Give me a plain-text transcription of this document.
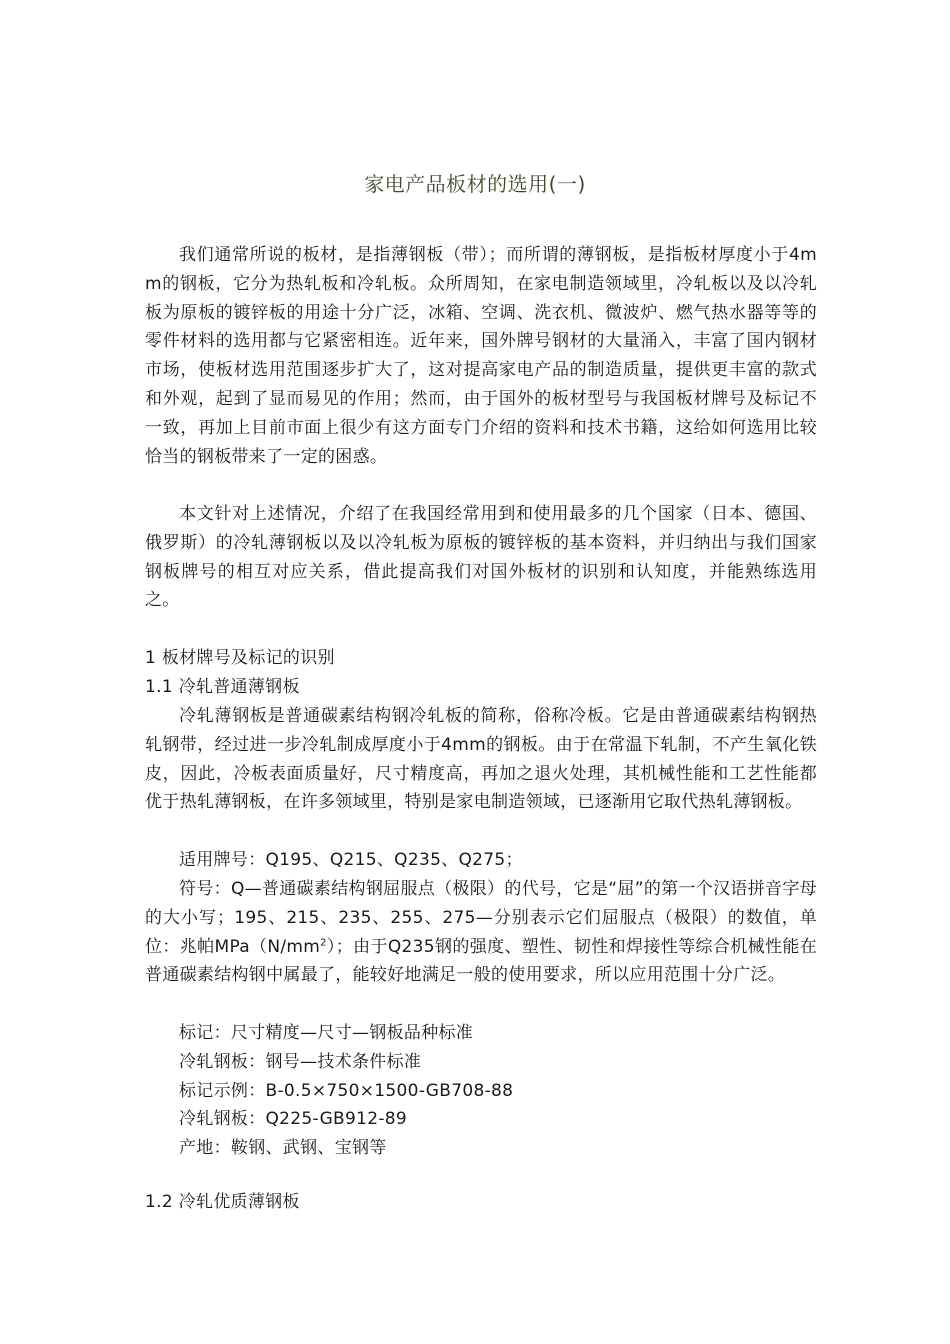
家电产品板材的选用(一)
我们通常所说的板材，是指薄钢板（带）；而所谓的薄钢板，是指板材厚度小于4mm的钢板，它分为热轧板和冷轧板。众所周知，在家电制造领域里，冷轧板以及以冷轧板为原板的镀锌板的用途十分广泛，冰箱、空调、洗衣机、微波炉、燃气热水器等等的零件材料的选用都与它紧密相连。近年来，国外牌号钢材的大量涌入，丰富了国内钢材市场，使板材选用范围逐步扩大了，这对提高家电产品的制造质量，提供更丰富的款式和外观，起到了显而易见的作用；然而，由于国外的板材型号与我国板材牌号及标记不一致，再加上目前市面上很少有这方面专门介绍的资料和技术书籍，这给如何选用比较恰当的钢板带来了一定的困惑。
本文针对上述情况，介绍了在我国经常用到和使用最多的几个国家（日本、德国、俄罗斯）的冷轧薄钢板以及以冷轧板为原板的镀锌板的基本资料，并归纳出与我们国家钢板牌号的相互对应关系，借此提高我们对国外板材的识别和认知度，并能熟练选用之。
1 板材牌号及标记的识别
1.1 冷轧普通薄钢板
冷轧薄钢板是普通碳素结构钢冷轧板的简称，俗称冷板。它是由普通碳素结构钢热轧钢带，经过进一步冷轧制成厚度小于4mm的钢板。由于在常温下轧制，不产生氧化铁皮，因此，冷板表面质量好，尺寸精度高，再加之退火处理，其机械性能和工艺性能都优于热轧薄钢板，在许多领域里，特别是家电制造领域，已逐渐用它取代热轧薄钢板。
适用牌号：Q195、Q215、Q235、Q275；
符号：Q—普通碳素结构钢屈服点（极限）的代号，它是“屈”的第一个汉语拼音字母的大小写；195、215、235、255、275—分别表示它们屈服点（极限）的数值，单位：兆帕$MPa(N/mm^2)$；由于Q235钢的强度、塑性、韧性和焊接性等综合机械性能在普通碳素结构钢中属最了，能较好地满足一般的使用要求，所以应用范围十分广泛。
标记：尺寸精度—尺寸—钢板品种标准
冷轧钢板：钢号—技术条件标准
标记示例：B-0.5×750×1500-GB708-88
冷轧钢板：Q225-GB912-89
产地：鞍钢、武钢、宝钢等
1.2 冷轧优质薄钢板
